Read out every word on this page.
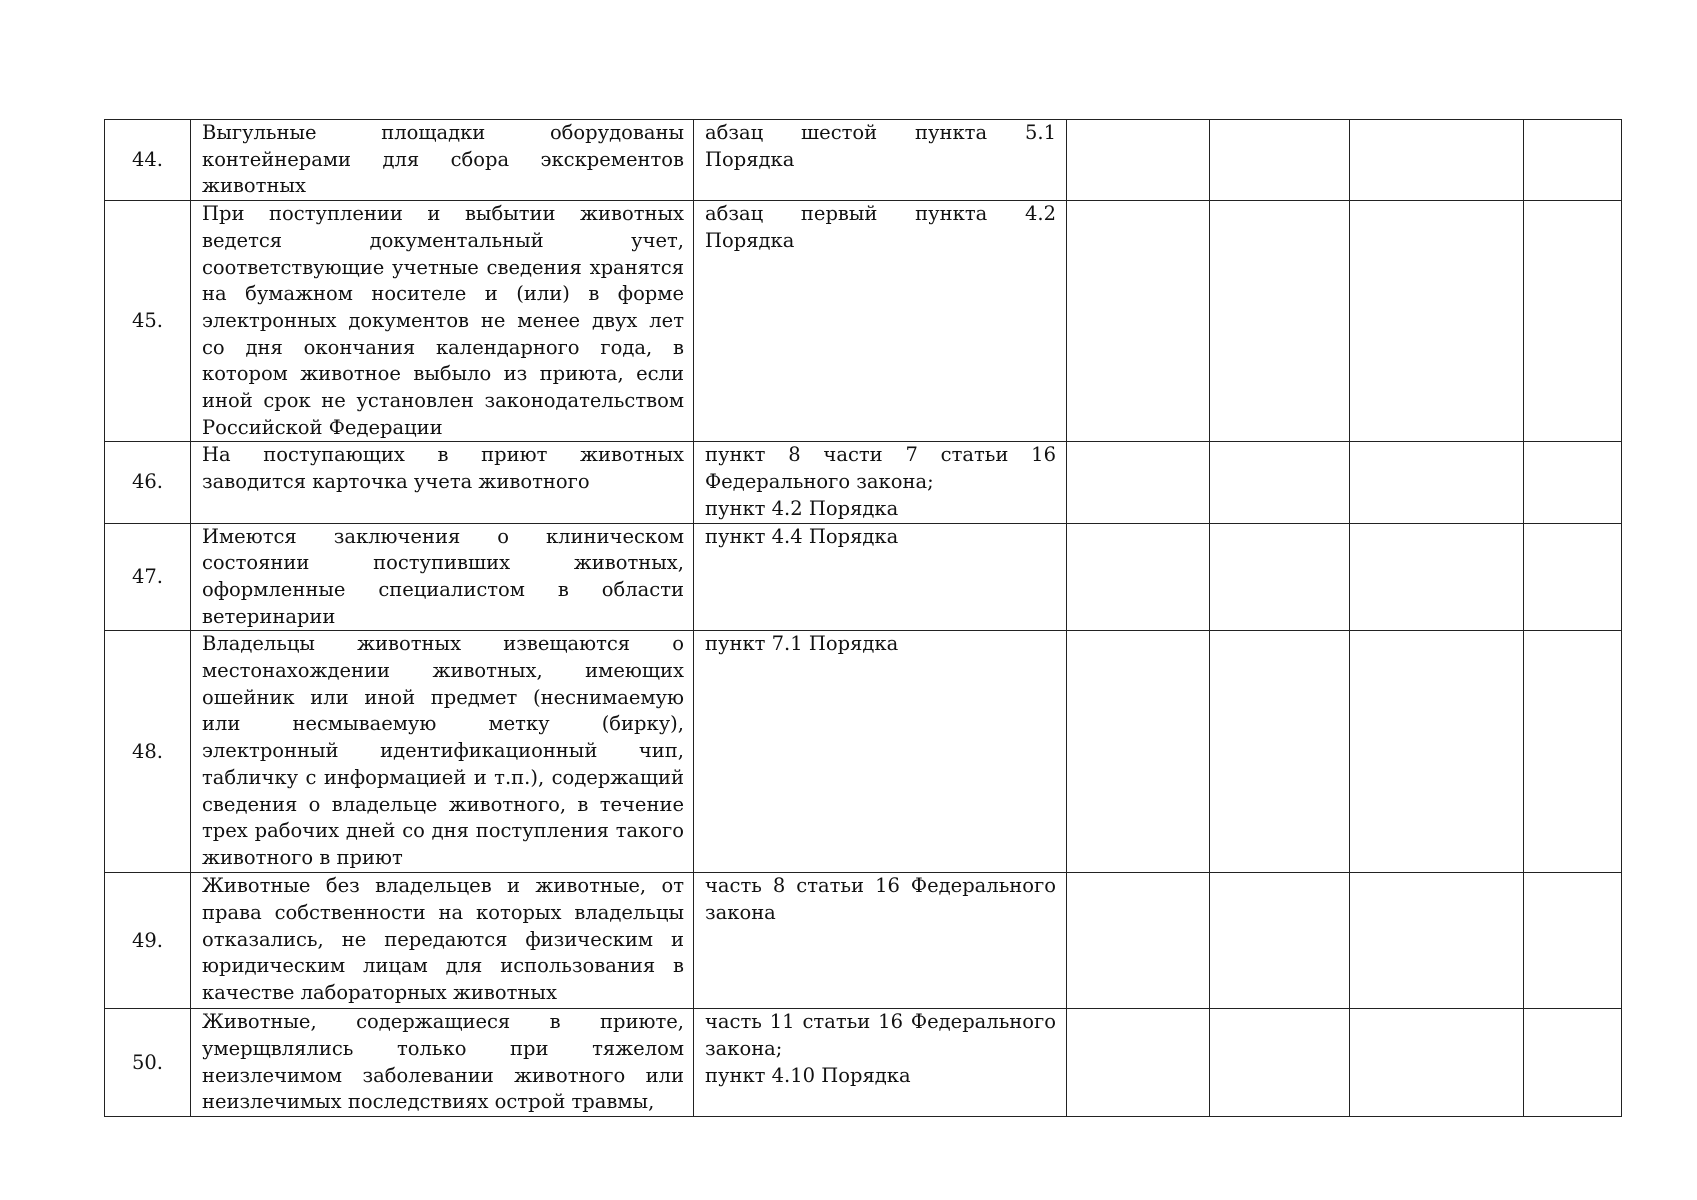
44.	Выгульные площадки оборудованы контейнерами для сбора экскрементов животных	абзац шестой пункта 5.1 Порядка				

45.	При поступлении и выбытии животных ведется документальный учет, соответствующие учетные сведения хранятся на бумажном носителе и (или) в форме электронных документов не менее двух лет со дня окончания календарного года, в котором животное выбыло из приюта, если иной срок не установлен законодательством Российской Федерации	абзац первый пункта 4.2 Порядка				

46.	На поступающих в приют животных заводится карточка учета животного	пункт 8 части 7 статьи 16 Федерального закона;
пункт 4.2 Порядка				

47.	Имеются заключения о клиническом состоянии поступивших животных, оформленные специалистом в области ветеринарии	пункт 4.4 Порядка				

48.	Владельцы животных извещаются о местонахождении животных, имеющих ошейник или иной предмет (неснимаемую или несмываемую метку (бирку), электронный идентификационный чип, табличку с информацией и т.п.), содержащий сведения о владельце животного, в течение трех рабочих дней со дня поступления такого животного в приют	пункт 7.1 Порядка				

49.	Животные без владельцев и животные, от права собственности на которых владельцы отказались, не передаются физическим и юридическим лицам для использования в качестве лабораторных животных	часть 8 статьи 16 Федерального закона				

50.	Животные, содержащиеся в приюте, умерщвлялись только при тяжелом неизлечимом заболевании животного или неизлечимых последствиях острой травмы,	часть 11 статьи 16 Федерального закона;
пункт 4.10 Порядка				
